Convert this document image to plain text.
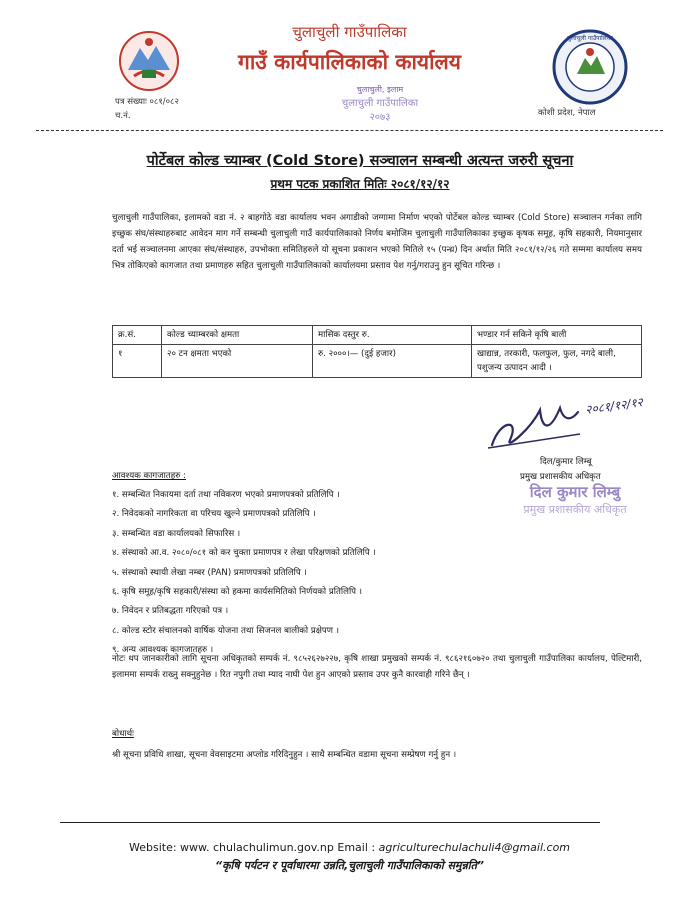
चुलाचुली गाउँपालिका
गाउँ कार्यपालिकाको कार्यालय
चुलाचुली गाउँपालिका
पत्र संख्याः ०८१/०८२
च.नं.	कोशी प्रदेश, नेपाल
चुलाचुली, इलाम
चुलाचुली गाउँपालिका
२०७३
पोर्टेबल कोल्ड च्याम्बर (Cold Store) सञ्चालन सम्बन्धी अत्यन्त जरुरी सूचना
प्रथम पटक प्रकाशित मितिः २०८१/१२/१२
चुलाचुली गाउँपालिका, इलामको वडा नं. २ बाहगोठे वडा कार्यालय भवन अगाडीको जग्गामा निर्माण भएको पोर्टेबल कोल्ड च्याम्बर (Cold Store) सञ्चालन गर्नका लागि इच्छुक संघ/संस्थाहरुबाट आवेदन माग गर्ने सम्बन्धी चुलाचुली गाउँ कार्यपालिकाको निर्णय बमोजिम चुलाचुली गाउँपालिकाका इच्छुक कृषक समूह, कृषि सहकारी, नियमानुसार दर्ता भई सञ्चालनमा आएका संघ/संस्थाहरु, उपभोक्ता समितिहरुले यो सूचना प्रकाशन भएको मितिले १५ (पन्ध्र) दिन अर्थात मिति २०८१/१२/२६ गते सम्ममा कार्यालय समय भित्र तोकिएको कागजात तथा प्रमाणहरु सहित चुलाचुली गाउँपालिकाको कार्यालयमा प्रस्ताव पेश गर्नु/गराउनु हुन सूचित गरिन्छ ।
क्र.सं.	कोल्ड च्याम्बरको क्षमता	मासिक दस्तुर रु.	भण्डार गर्न सकिने कृषि बाली
१	२० टन क्षमता भएको	रु. २०००।— (दुई हजार)	खाद्यान्न, तरकारी, फलफुल, फुल, नगदे बाली, पशुजन्य उत्पादन आदी ।
२०८१/१२/१२
दिल/कुमार लिम्बू
प्रमुख प्रशासकीय अधिकृत
दिल कुमार लिम्बु
प्रमुख प्रशासकीय अधिकृत
आवश्यक कागजातहरु :
१. सम्बन्धित निकायमा दर्ता तथा नविकरण भएको प्रमाणपत्रको प्रतिलिपि ।
२. निवेदकको नागरिकता वा परिचय खुल्ने प्रमाणपत्रको प्रतिलिपि ।
३. सम्बन्धित वडा कार्यालयको सिफारिस ।
४. संस्थाको आ.व. २०८०/०८१ को कर चुक्ता प्रमाणपत्र र लेखा परिक्षणको प्रतिलिपि ।
५. संस्थाको स्थायी लेखा नम्बर (PAN) प्रमाणपत्रको प्रतिलिपि ।
६. कृषि समूह/कृषि सहकारी/संस्था को हकमा कार्यसमितिको निर्णयको प्रतिलिपि ।
७. निवेदन र प्रतिबद्धता गरिएको पत्र ।
८. कोल्ड स्टोर संचालनको वार्षिक योजना तथा सिजनल बालीको प्रक्षेपण ।
९. अन्य आवश्यक कागजातहरु ।
नोटः थप जानकारीको लागि सूचना अधिकृतको सम्पर्क नं. ९८५२६२७२२७, कृषि शाखा प्रमुखको सम्पर्क नं. ९८६२१६०७२० तथा चुलाचुली गाउँपालिका कार्यालय, पेल्टिमारी, इलाममा सम्पर्क राख्नु सक्नुहुनेछ । रित नपुगी तथा म्याद नाघी पेश हुन आएको प्रस्ताव उपर कुनै कारवाही गरिने छैन् ।
बोधार्थः
श्री सूचना प्रविधि शाखा, सूचना वेवसाइटमा अप्लोड गरिदिनुहुन । साथै सम्बन्धित वडामा सूचना सम्प्रेषण गर्नु हुन ।
Website: www. chulachulimun.gov.np Email : agriculturechulachuli4@gmail.com
“कृषि पर्यटन र पूर्वाधारमा उन्नति,चुलाचुली गाउँपालिकाको समुन्नति”
